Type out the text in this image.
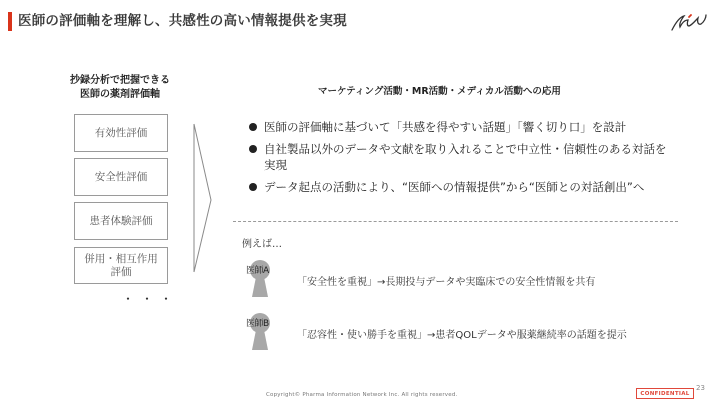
医師の評価軸を理解し、共感性の高い情報提供を実現
抄録分析で把握できる
医師の薬剤評価軸
有効性評価
安全性評価
患者体験評価
併用・相互作用
評価
・・・
マーケティング活動・MR活動・メディカル活動への応用
医師の評価軸に基づいて「共感を得やすい話題」「響く切り口」を設計
自社製品以外のデータや文献を取り入れることで中立性・信頼性のある対話を実現
データ起点の活動により、“医師への情報提供”から“医師との対話創出”へ
例えば…
医師A
「安全性を重視」→長期投与データや実臨床での安全性情報を共有
医師B
「忍容性・使い勝手を重視」→患者QOLデータや服薬継続率の話題を提示
Copyright© Pharma Information Network Inc. All rights reserved.	CONFIDENTIAL
23
